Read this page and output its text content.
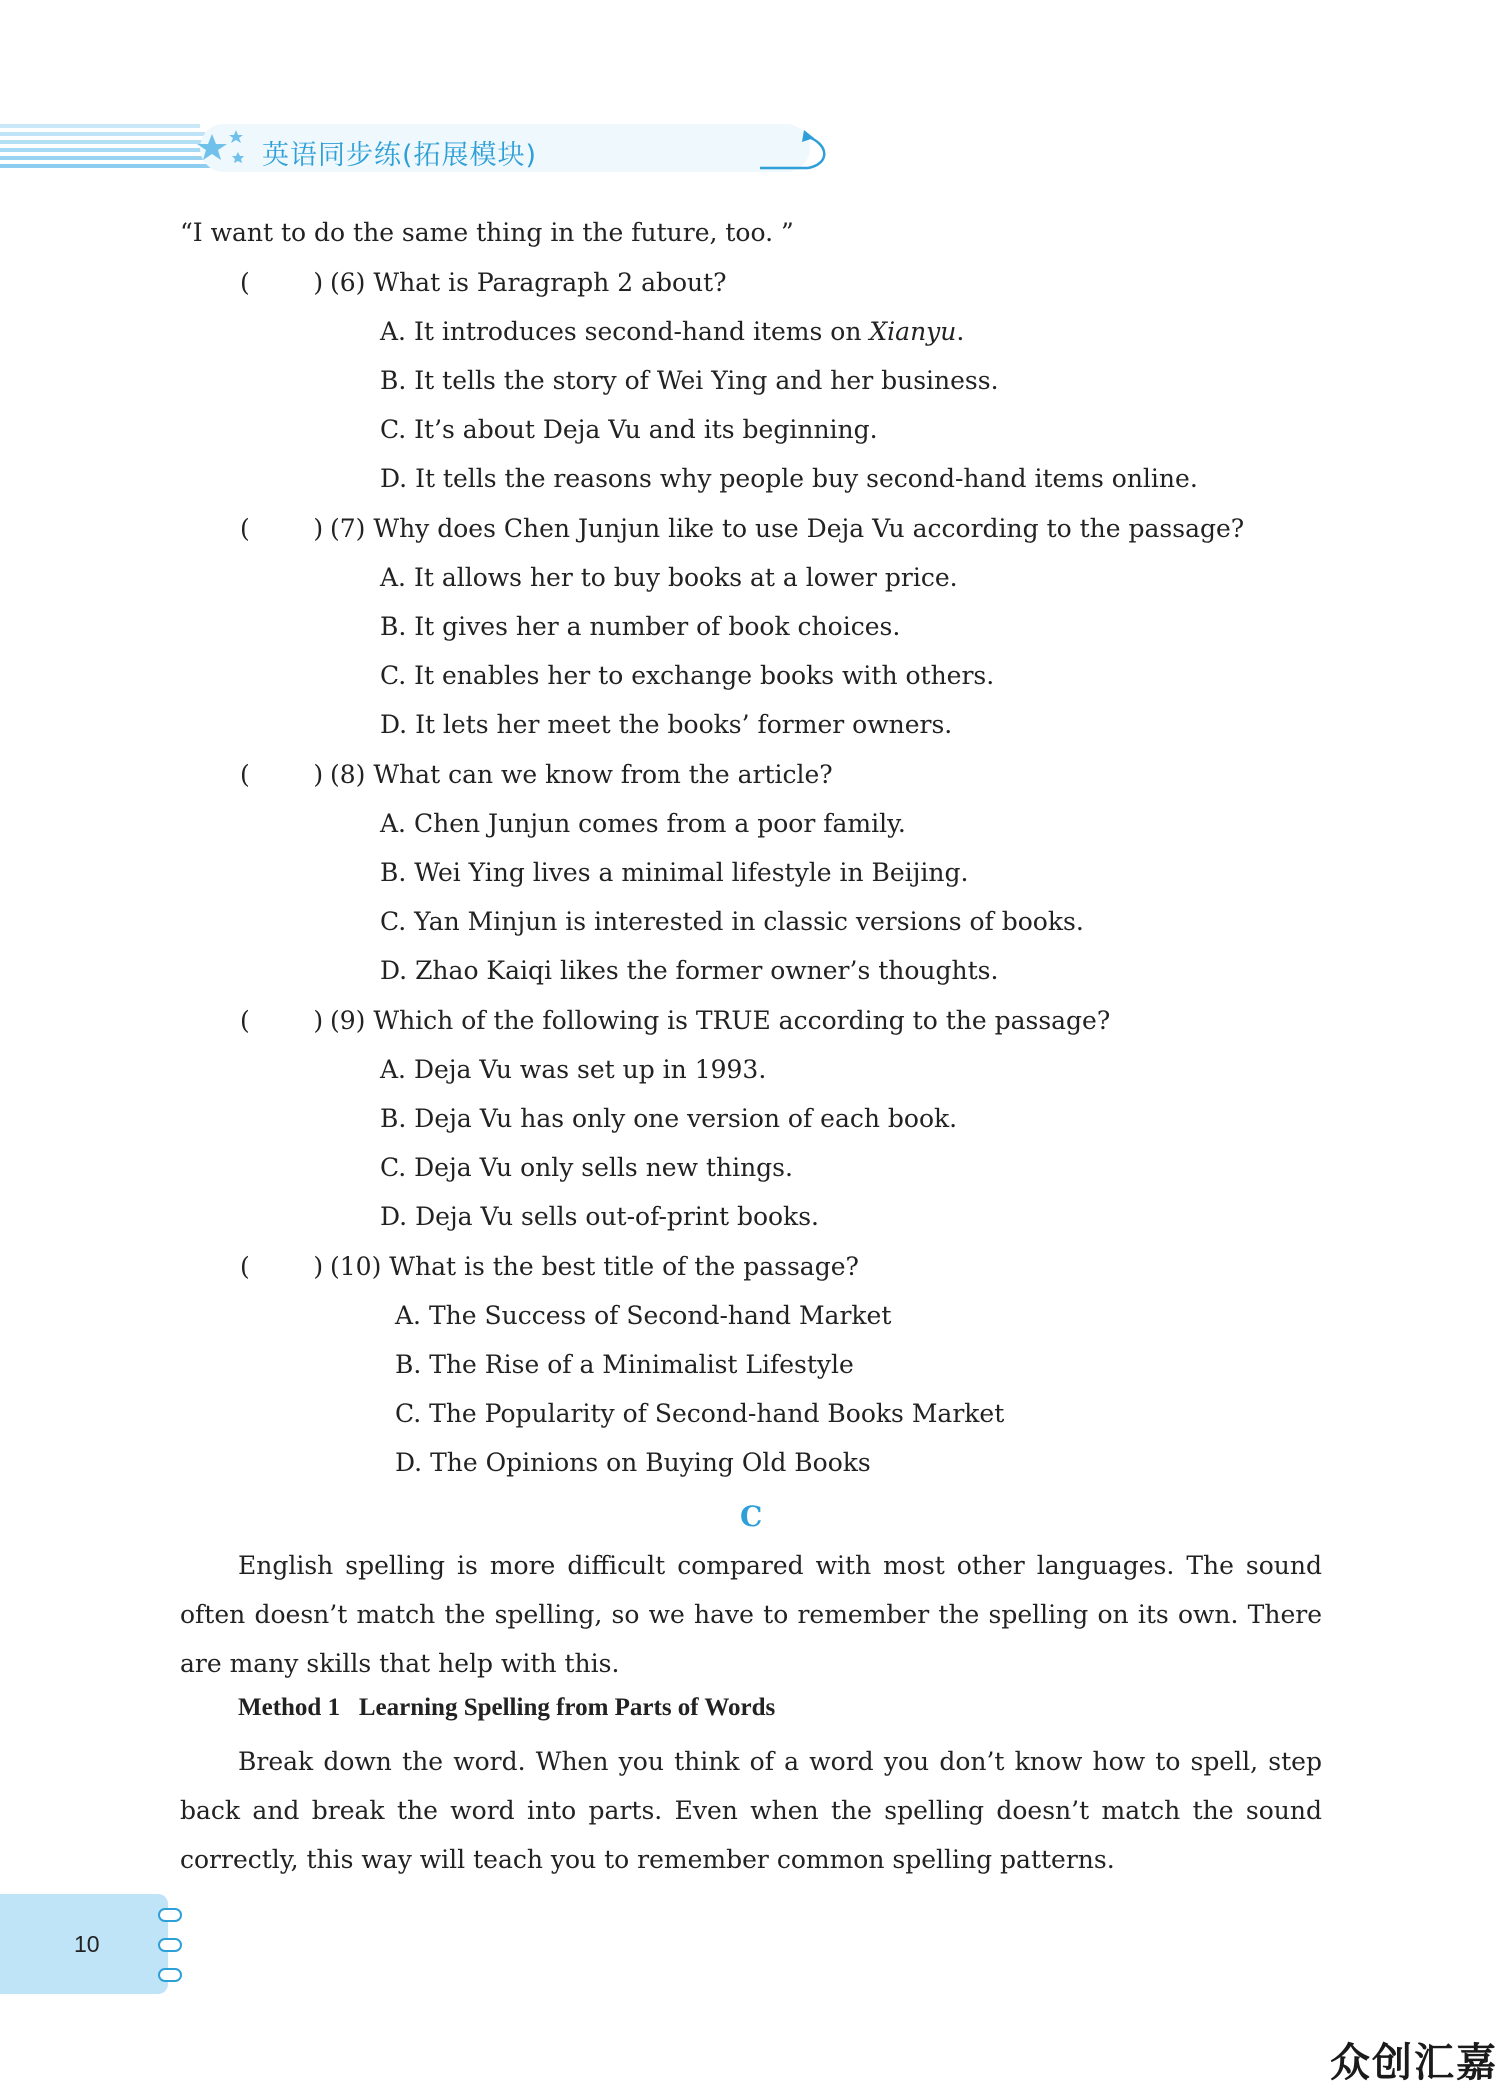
英语同步练(拓展模块)
“I want to do the same thing in the future, too. ”
(        ) (6) What is Paragraph 2 about?
A. It introduces second-hand items on Xianyu.
B. It tells the story of Wei Ying and her business.
C. It’s about Deja Vu and its beginning.
D. It tells the reasons why people buy second-hand items online.
(        ) (7) Why does Chen Junjun like to use Deja Vu according to the passage?
A. It allows her to buy books at a lower price.
B. It gives her a number of book choices.
C. It enables her to exchange books with others.
D. It lets her meet the books’ former owners.
(        ) (8) What can we know from the article?
A. Chen Junjun comes from a poor family.
B. Wei Ying lives a minimal lifestyle in Beijing.
C. Yan Minjun is interested in classic versions of books.
D. Zhao Kaiqi likes the former owner’s thoughts.
(        ) (9) Which of the following is TRUE according to the passage?
A. Deja Vu was set up in 1993.
B. Deja Vu has only one version of each book.
C. Deja Vu only sells new things.
D. Deja Vu sells out-of-print books.
(        ) (10) What is the best title of the passage?
A. The Success of Second-hand Market
B. The Rise of a Minimalist Lifestyle
C. The Popularity of Second-hand Books Market
D. The Opinions on Buying Old Books
C
English spelling is more difficult compared with most other languages. The sound often doesn’t match the spelling, so we have to remember the spelling on its own. There are many skills that help with this.
Method 1 Learning Spelling from Parts of Words
Break down the word. When you think of a word you don’t know how to spell, step back and break the word into parts. Even when the spelling doesn’t match the sound correctly, this way will teach you to remember common spelling patterns.
10
众创汇嘉
